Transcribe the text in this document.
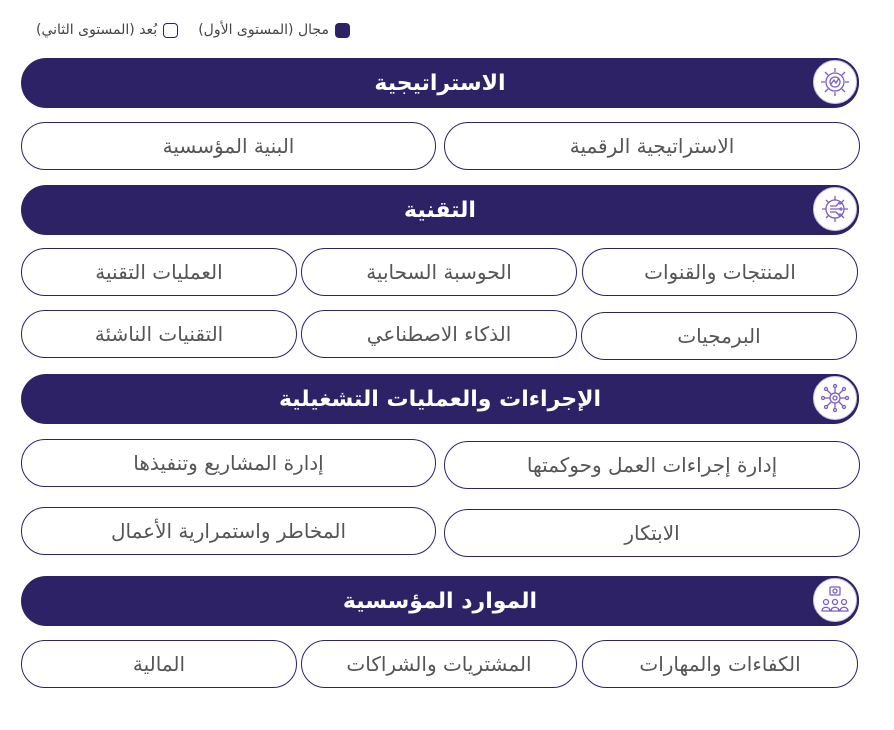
بُعد (المستوى الثاني)	مجال (المستوى الأول)
الاستراتيجية
الاستراتيجية الرقمية
البنية المؤسسية
التقنية
المنتجات والقنوات
الحوسبة السحابية
العمليات التقنية
البرمجيات
الذكاء الاصطناعي
التقنيات الناشئة
الإجراءات والعمليات التشغيلية
إدارة إجراءات العمل وحوكمتها
إدارة المشاريع وتنفيذها
الابتكار
المخاطر واستمرارية الأعمال
الموارد المؤسسية
الكفاءات والمهارات
المشتريات والشراكات
المالية
